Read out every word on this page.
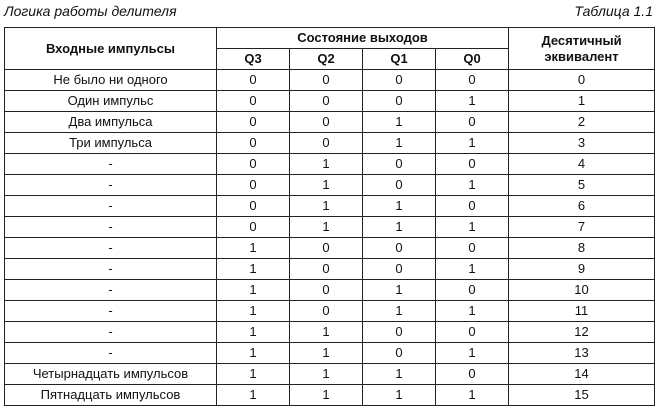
Логика работы делителя	Таблица 1.1
Входные импульсы	Состояние выходов				Десятичный эквивалент
	Q3	Q2	Q1	Q0	
Не было ни одного	0	0	0	0	0
Один импульс	0	0	0	1	1
Два импульса	0	0	1	0	2
Три импульса	0	0	1	1	3
-	0	1	0	0	4
-	0	1	0	1	5
-	0	1	1	0	6
-	0	1	1	1	7
-	1	0	0	0	8
-	1	0	0	1	9
-	1	0	1	0	10
-	1	0	1	1	11
-	1	1	0	0	12
-	1	1	0	1	13
Четырнадцать импульсов	1	1	1	0	14
Пятнадцать импульсов	1	1	1	1	15
